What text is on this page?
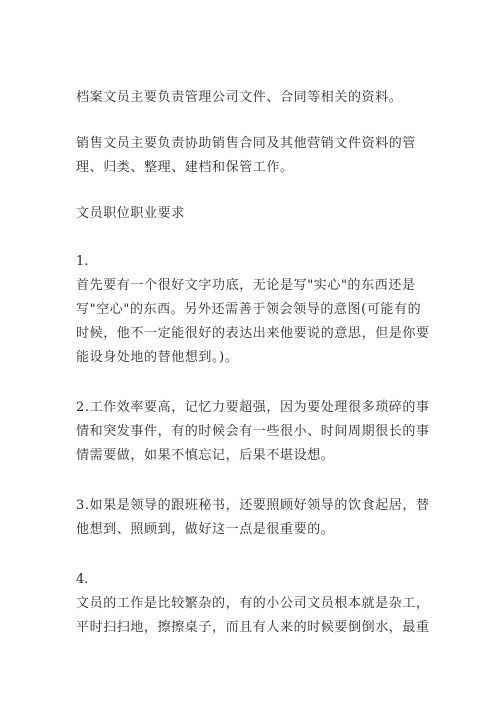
档案文员主要负责管理公司文件、合同等相关的资料。

销售文员主要负责协助销售合同及其他营销文件资料的管理、归类、整理、建档和保管工作。

文员职位职业要求

1.

首先要有一个很好文字功底，无论是写"实心"的东西还是写"空心"的东西。另外还需善于领会领导的意图(可能有的时候，他不一定能很好的表达出来他要说的意思，但是你要能设身处地的替他想到。)。

2.工作效率要高，记忆力要超强，因为要处理很多琐碎的事情和突发事件，有的时候会有一些很小、时间周期很长的事情需要做，如果不慎忘记，后果不堪设想。

3.如果是领导的跟班秘书，还要照顾好领导的饮食起居，替他想到、照顾到，做好这一点是很重要的。

4.

文员的工作是比较繁杂的，有的小公司文员根本就是杂工，平时扫扫地，擦擦桌子，而且有人来的时候要倒倒水，最重
